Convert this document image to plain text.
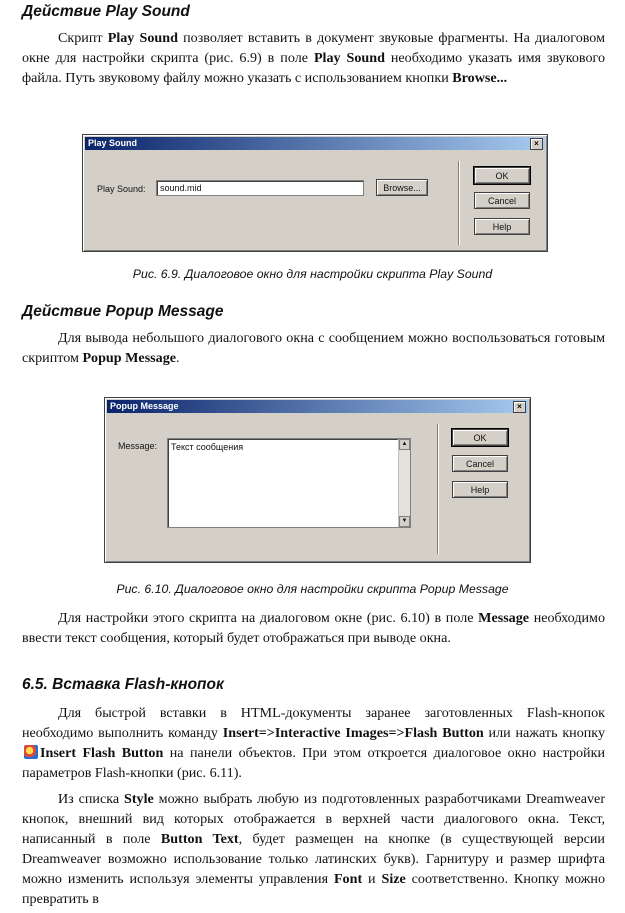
Действие Play Sound

Скрипт Play Sound позволяет вставить в документ звуковые фрагменты. На диалоговом окне для настройки скрипта (рис. 6.9) в поле Play Sound необходимо указать имя звукового файла. Путь звуковому файлу можно указать с использованием кнопки Browse...

Play Sound	×
Play Sound:	sound.mid	Browse...
OK
Cancel
Help

Рис. 6.9. Диалоговое окно для настройки скрипта Play Sound

Действие Popup Message

Для вывода небольшого диалогового окна с сообщением можно воспользоваться готовым скриптом Popup Message.

Popup Message	×
Message:	Текст сообщения	▲
▼
OK
Cancel
Help

Рис. 6.10. Диалоговое окно для настройки скрипта Popup Message

Для настройки этого скрипта на диалоговом окне (рис. 6.10) в поле Message необходимо ввести текст сообщения, который будет отображаться при выводе окна.

6.5. Вставка Flash-кнопок

Для быстрой вставки в HTML-документы заранее заготовленных Flash-кнопок необходимо выполнить команду Insert=>Interactive Images=>Flash Button или нажать кнопку Insert Flash Button на панели объектов. При этом откроется диалоговое окно настройки параметров Flash-кнопки (рис. 6.11).

Из списка Style можно выбрать любую из подготовленных разработчиками Dreamweaver кнопок, внешний вид которых отображается в верхней части диалогового окна. Текст, написанный в поле Button Text, будет размещен на кнопке (в существующей версии Dreamweaver возможно использование только латинских букв). Гарнитуру и размер шрифта можно изменить используя элементы управления Font и Size соответственно. Кнопку можно превратить в
